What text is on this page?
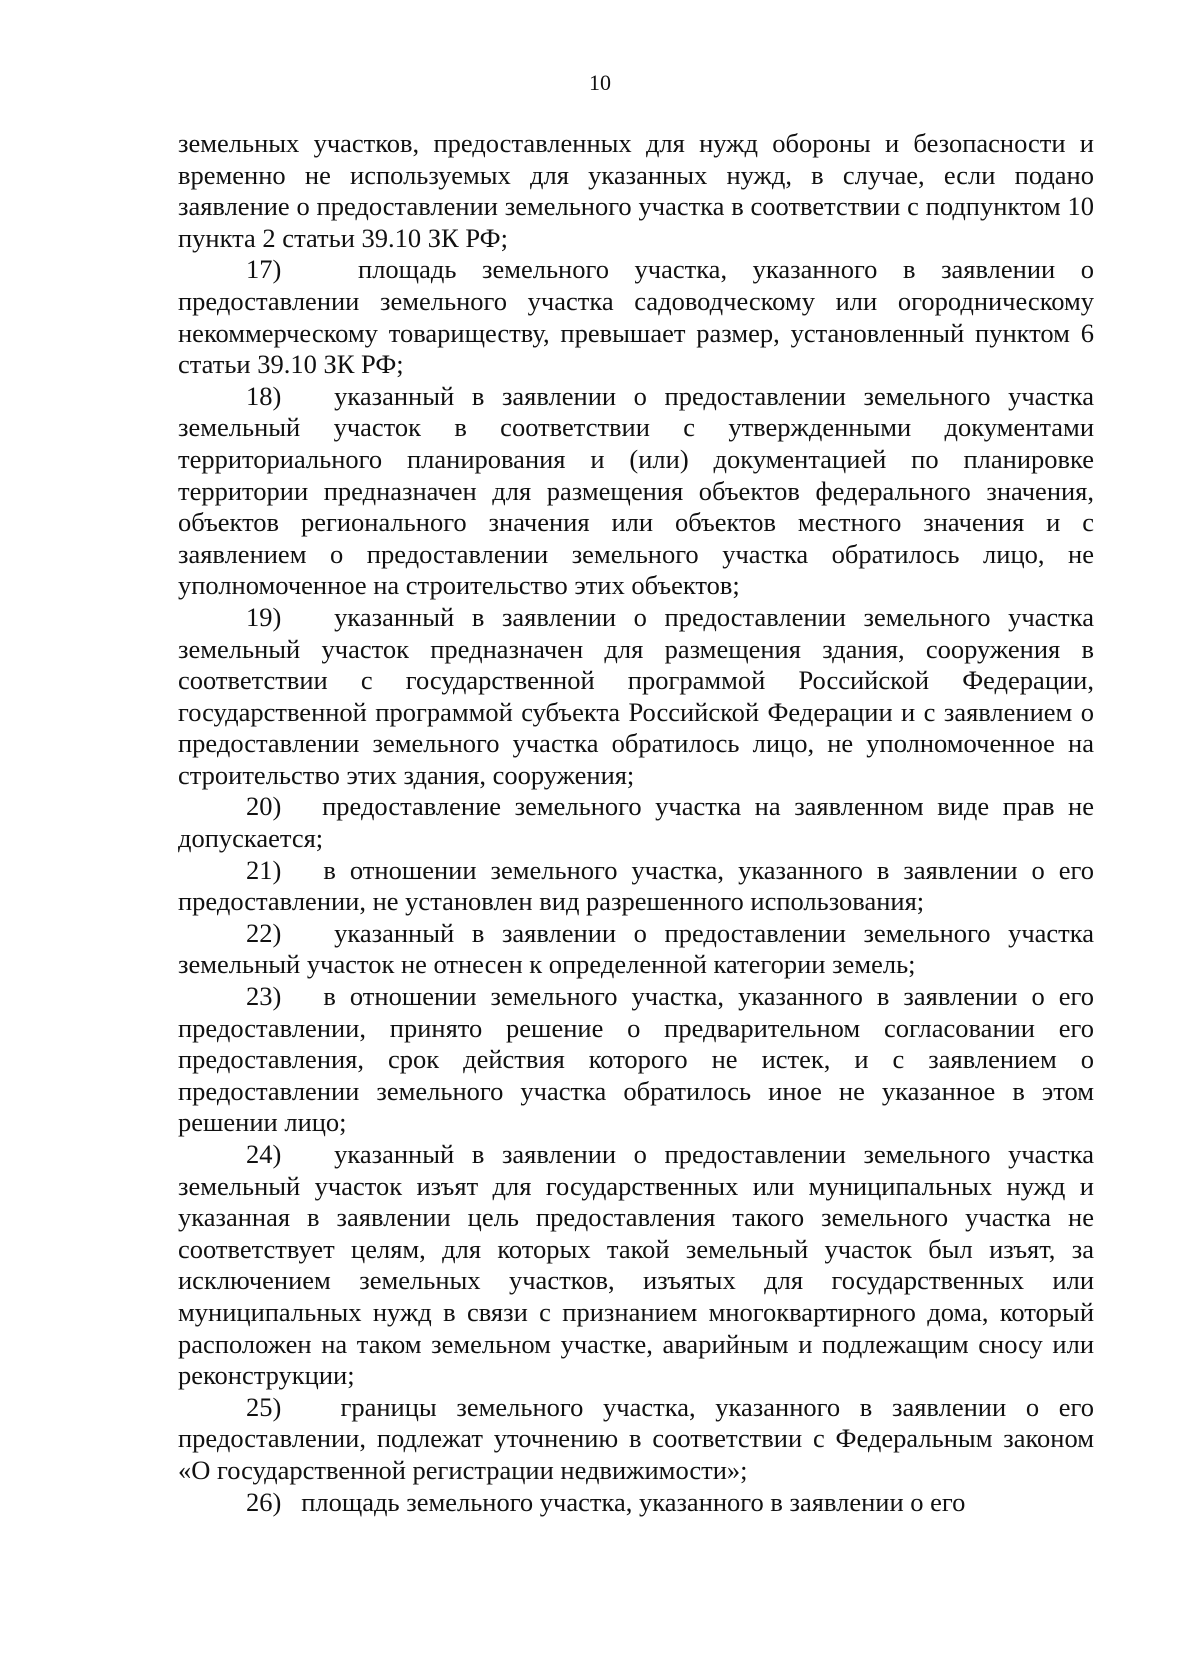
10

земельных участков, предоставленных для нужд обороны и безопасности и временно не используемых для указанных нужд, в случае, если подано заявление о предоставлении земельного участка в соответствии с подпунктом 10 пункта 2 статьи 39.10 ЗК РФ;

17)	площадь земельного участка, указанного в заявлении о предоставлении земельного участка садоводческому или огородническому некоммерческому товариществу, превышает размер, установленный пунктом 6 статьи 39.10 ЗК РФ;

18) указанный в заявлении о предоставлении земельного участка земельный участок в соответствии с утвержденными документами территориального планирования и (или) документацией по планировке территории предназначен для размещения объектов федерального значения, объектов регионального значения или объектов местного значения и с заявлением о предоставлении земельного участка обратилось лицо, не уполномоченное на строительство этих объектов;

19) указанный в заявлении о предоставлении земельного участка земельный участок предназначен для размещения здания, сооружения в соответствии с государственной программой Российской Федерации, государственной программой субъекта Российской Федерации и с заявлением о предоставлении земельного участка обратилось лицо, не уполномоченное на строительство этих здания, сооружения;

20) предоставление земельного участка на заявленном виде прав не допускается;

21) в отношении земельного участка, указанного в заявлении о его предоставлении, не установлен вид разрешенного использования;

22) указанный в заявлении о предоставлении земельного участка земельный участок не отнесен к определенной категории земель;

23) в отношении земельного участка, указанного в заявлении о его предоставлении, принято решение о предварительном согласовании его предоставления, срок действия которого не истек, и с заявлением о предоставлении земельного участка обратилось иное не указанное в этом решении лицо;

24) указанный в заявлении о предоставлении земельного участка земельный участок изъят для государственных или муниципальных нужд и указанная в заявлении цель предоставления такого земельного участка не соответствует целям, для которых такой земельный участок был изъят, за исключением земельных участков, изъятых для государственных или муниципальных нужд в связи с признанием многоквартирного дома, который расположен на таком земельном участке, аварийным и подлежащим сносу или реконструкции;

25) границы земельного участка, указанного в заявлении о его предоставлении, подлежат уточнению в соответствии с Федеральным законом «О государственной регистрации недвижимости»;

26) площадь земельного участка, указанного в заявлении о его
